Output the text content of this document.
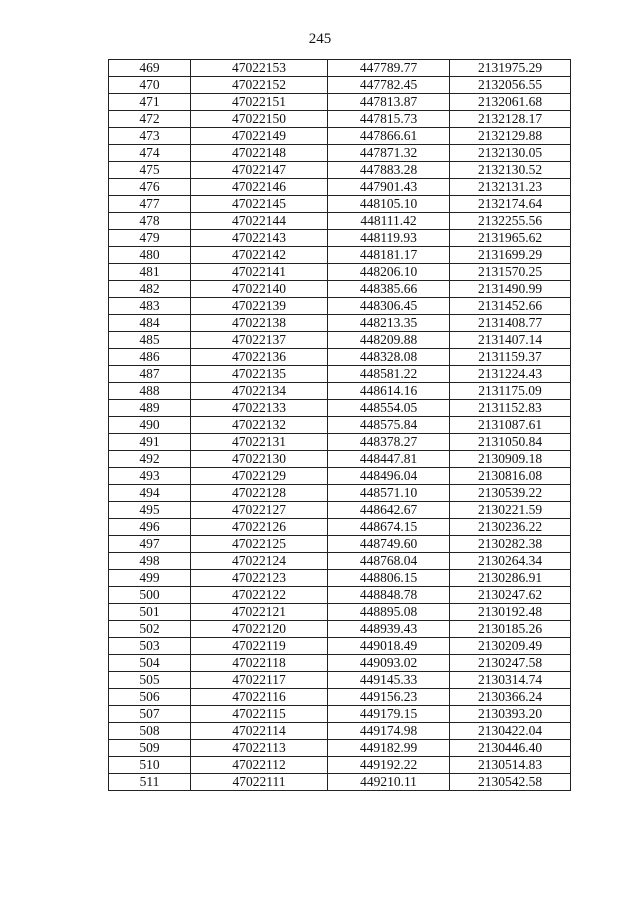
245
469	47022153	447789.77	2131975.29
470	47022152	447782.45	2132056.55
471	47022151	447813.87	2132061.68
472	47022150	447815.73	2132128.17
473	47022149	447866.61	2132129.88
474	47022148	447871.32	2132130.05
475	47022147	447883.28	2132130.52
476	47022146	447901.43	2132131.23
477	47022145	448105.10	2132174.64
478	47022144	448111.42	2132255.56
479	47022143	448119.93	2131965.62
480	47022142	448181.17	2131699.29
481	47022141	448206.10	2131570.25
482	47022140	448385.66	2131490.99
483	47022139	448306.45	2131452.66
484	47022138	448213.35	2131408.77
485	47022137	448209.88	2131407.14
486	47022136	448328.08	2131159.37
487	47022135	448581.22	2131224.43
488	47022134	448614.16	2131175.09
489	47022133	448554.05	2131152.83
490	47022132	448575.84	2131087.61
491	47022131	448378.27	2131050.84
492	47022130	448447.81	2130909.18
493	47022129	448496.04	2130816.08
494	47022128	448571.10	2130539.22
495	47022127	448642.67	2130221.59
496	47022126	448674.15	2130236.22
497	47022125	448749.60	2130282.38
498	47022124	448768.04	2130264.34
499	47022123	448806.15	2130286.91
500	47022122	448848.78	2130247.62
501	47022121	448895.08	2130192.48
502	47022120	448939.43	2130185.26
503	47022119	449018.49	2130209.49
504	47022118	449093.02	2130247.58
505	47022117	449145.33	2130314.74
506	47022116	449156.23	2130366.24
507	47022115	449179.15	2130393.20
508	47022114	449174.98	2130422.04
509	47022113	449182.99	2130446.40
510	47022112	449192.22	2130514.83
511	47022111	449210.11	2130542.58
